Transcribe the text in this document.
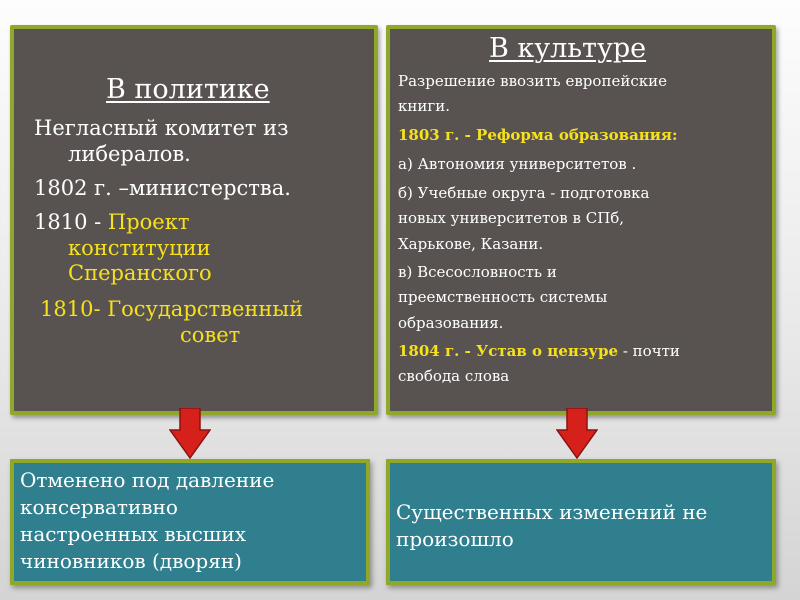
В политике
Негласный комитет из
либералов.
1802 г. –министерства.
1810 - Проект
конституции
Сперанского
1810- Государственный
совет
В культуре
Разрешение ввозить европейские
книги.
1803 г. - Реформа образования:
а) Автономия университетов .
б) Учебные округа - подготовка
новых университетов в СПб,
Харькове, Казани.
в) Всесословность и
преемственность системы
образования.
1804 г. - Устав о цензуре - почти
свобода слова
Отменено под давление
консервативно
настроенных высших
чиновников (дворян)
Существенных изменений не
произошло
